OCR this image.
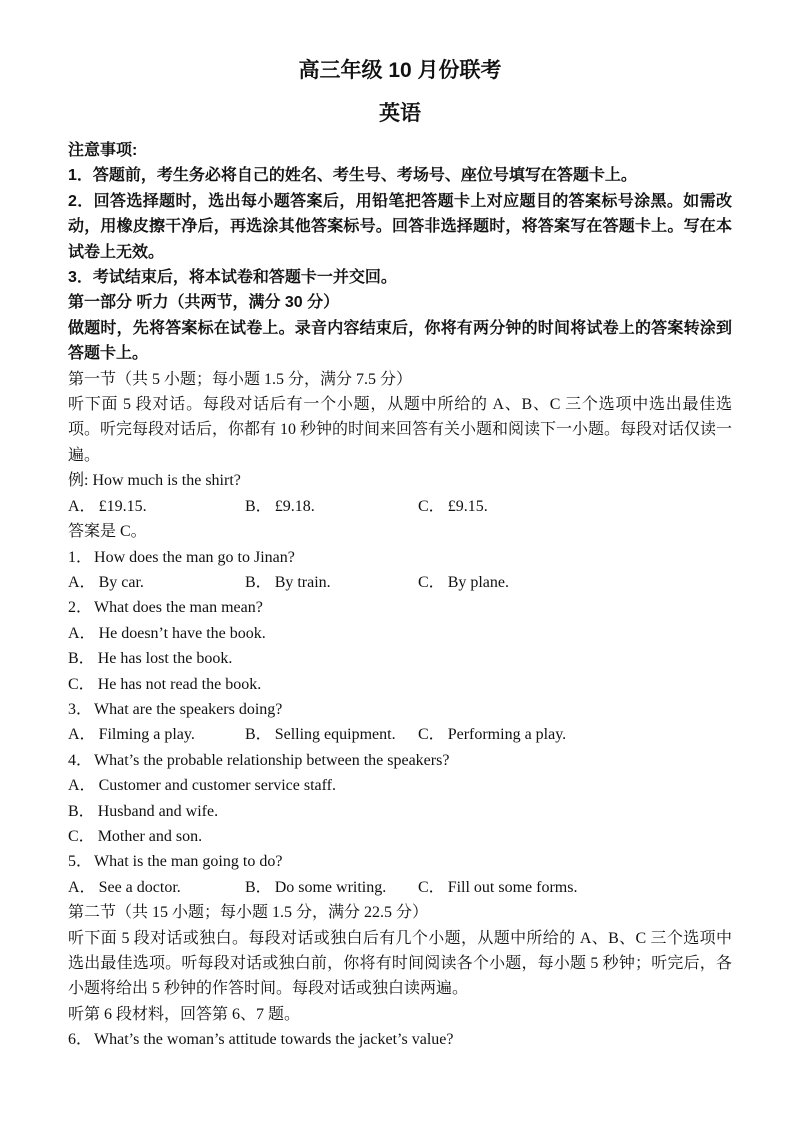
高三年级 10 月份联考
英语
注意事项:
1．答题前，考生务必将自己的姓名、考生号、考场号、座位号填写在答题卡上。
2．回答选择题时，选出每小题答案后，用铅笔把答题卡上对应题目的答案标号涂黑。如需改动，用橡皮擦干净后，再选涂其他答案标号。回答非选择题时，将答案写在答题卡上。写在本试卷上无效。
3．考试结束后，将本试卷和答题卡一并交回。
第一部分 听力（共两节，满分 30 分）
做题时，先将答案标在试卷上。录音内容结束后，你将有两分钟的时间将试卷上的答案转涂到答题卡上。
第一节（共 5 小题；每小题 1.5 分，满分 7.5 分）
听下面 5 段对话。每段对话后有一个小题，从题中所给的 A、B、C 三个选项中选出最佳选项。听完每段对话后，你都有 10 秒钟的时间来回答有关小题和阅读下一小题。每段对话仅读一遍。
例: How much is the shirt?
A． £19.15.	B． £9.18.	C． £9.15.
答案是 C。
1． How does the man go to Jinan?
A． By car.	B． By train.	C． By plane.
2． What does the man mean?
A． He doesn’t have the book.
B． He has lost the book.
C． He has not read the book.
3． What are the speakers doing?
A． Filming a play.	B． Selling equipment.	C． Performing a play.
4． What’s the probable relationship between the speakers?
A． Customer and customer service staff.
B． Husband and wife.
C． Mother and son.
5． What is the man going to do?
A． See a doctor.	B． Do some writing.	C． Fill out some forms.
第二节（共 15 小题；每小题 1.5 分，满分 22.5 分）
听下面 5 段对话或独白。每段对话或独白后有几个小题，从题中所给的 A、B、C 三个选项中选出最佳选项。听每段对话或独白前，你将有时间阅读各个小题，每小题 5 秒钟；听完后，各小题将给出 5 秒钟的作答时间。每段对话或独白读两遍。
听第 6 段材料，回答第 6、7 题。
6． What’s the woman’s attitude towards the jacket’s value?
